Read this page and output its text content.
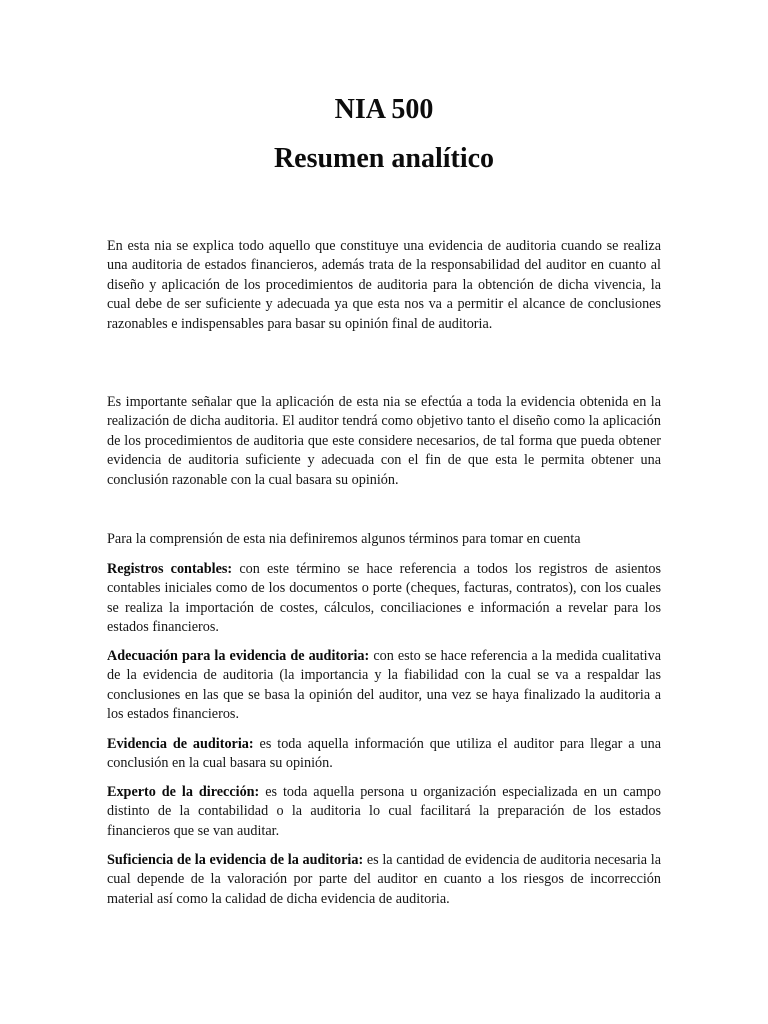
NIA 500
Resumen analítico

En esta nia se explica todo aquello que constituye una evidencia de auditoria cuando se realiza una auditoria de estados financieros, además trata de la responsabilidad del auditor en cuanto al diseño y aplicación de los procedimientos de auditoria para la obtención de dicha vivencia, la cual debe de ser suficiente y adecuada ya que esta nos va a permitir el alcance de conclusiones razonables e indispensables para basar su opinión final de auditoria.

Es importante señalar que la aplicación de esta nia se efectúa a toda la evidencia obtenida en la realización de dicha auditoria. El auditor tendrá como objetivo tanto el diseño como la aplicación de los procedimientos de auditoria que este considere necesarios, de tal forma que pueda obtener evidencia de auditoria suficiente y adecuada con el fin de que esta le permita obtener una conclusión razonable con la cual basara su opinión.

Para la comprensión de esta nia definiremos algunos términos para tomar en cuenta

Registros contables: con este término se hace referencia a todos los registros de asientos contables iniciales como de los documentos o porte (cheques, facturas, contratos), con los cuales se realiza la importación de costes, cálculos, conciliaciones e información a revelar para los estados financieros.

Adecuación para la evidencia de auditoria: con esto se hace referencia a la medida cualitativa de la evidencia de auditoria (la importancia y la fiabilidad con la cual se va a respaldar las conclusiones en las que se basa la opinión del auditor, una vez se haya finalizado la auditoria a los estados financieros.

Evidencia de auditoria: es toda aquella información que utiliza el auditor para llegar a una conclusión en la cual basara su opinión.

Experto de la dirección: es toda aquella persona u organización especializada en un campo distinto de la contabilidad o la auditoria lo cual facilitará la preparación de los estados financieros que se van auditar.

Suficiencia de la evidencia de la auditoria: es la cantidad de evidencia de auditoria necesaria la cual depende de la valoración por parte del auditor en cuanto a los riesgos de incorrección material así como la calidad de dicha evidencia de auditoria.
